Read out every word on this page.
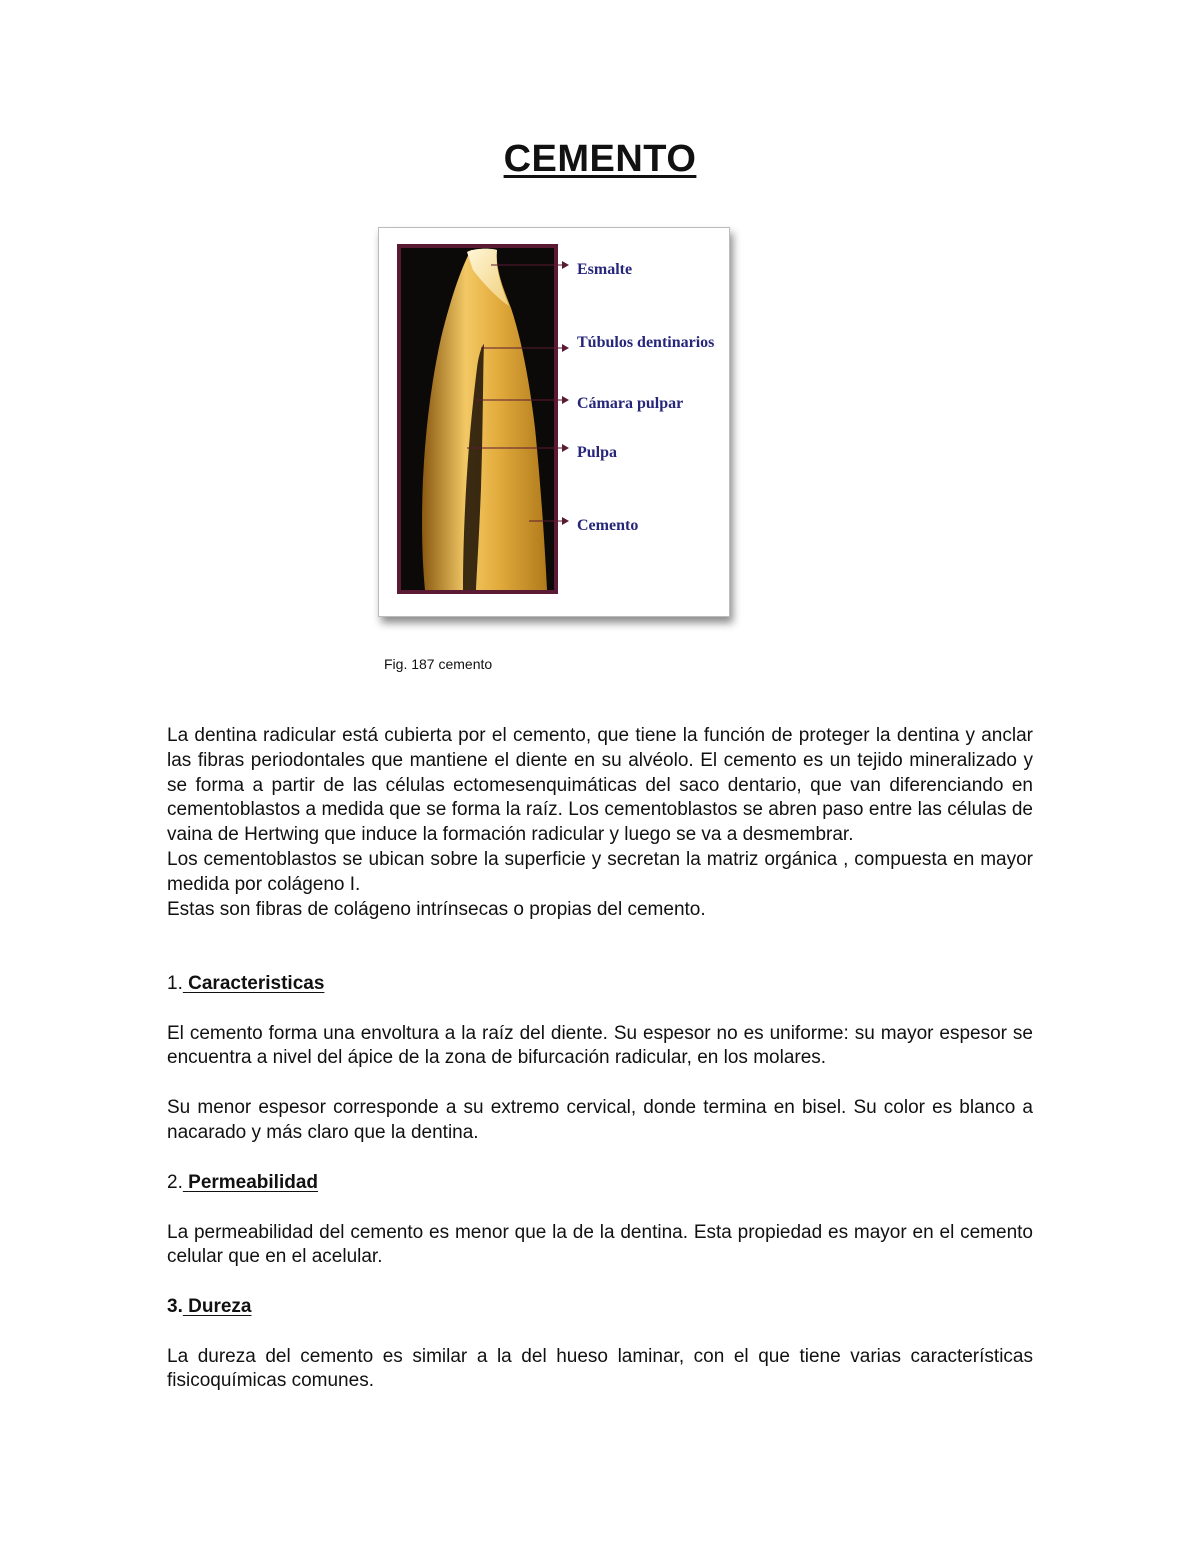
CEMENTO
Esmalte
Túbulos dentinarios
Cámara pulpar
Pulpa
Cemento
Fig. 187 cemento

La dentina radicular está cubierta por el cemento, que tiene la función de proteger la dentina y anclar las fibras periodontales que mantiene el diente en su alvéolo. El cemento es un tejido mineralizado y se forma a partir de las células ectomesenquimáticas del saco dentario, que van diferenciando en cementoblastos a medida que se forma la raíz. Los cementoblastos se abren paso entre las células de vaina de Hertwing que induce la formación radicular y luego se va a desmembrar.

Los cementoblastos se ubican sobre la superficie y secretan la matriz orgánica , compuesta en mayor medida por colágeno I.

Estas son fibras de colágeno intrínsecas o propias del cemento.

1. Caracteristicas

El cemento forma una envoltura a la raíz del diente. Su espesor no es uniforme: su mayor espesor se encuentra a nivel del ápice de la zona de bifurcación radicular, en los molares.

Su menor espesor corresponde a su extremo cervical, donde termina en bisel. Su color es blanco a nacarado y más claro que la dentina.

2. Permeabilidad

La permeabilidad del cemento es menor que la de la dentina. Esta propiedad es mayor en el cemento celular que en el acelular.

3. Dureza

La dureza del cemento es similar a la del hueso laminar, con el que tiene varias características fisicoquímicas comunes.
